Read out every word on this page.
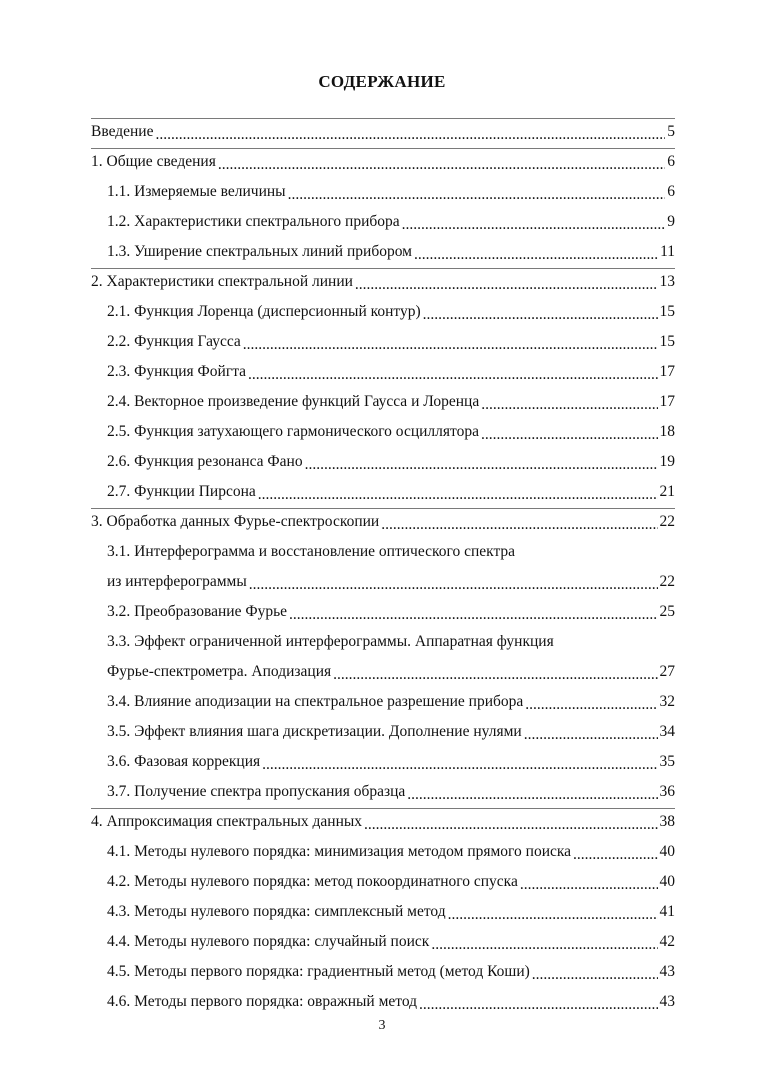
СОДЕРЖАНИЕ
Введение .....	5
1. Общие сведения .....	6
1.1. Измеряемые величины .....	6
1.2. Характеристики спектрального прибора .....	9
1.3. Уширение спектральных линий прибором .....	11
2. Характеристики спектральной линии .....	13
2.1. Функция Лоренца (дисперсионный контур) .....	15
2.2. Функция Гаусса .....	15
2.3. Функция Фойгта .....	17
2.4. Векторное произведение функций Гаусса и Лоренца .....	17
2.5. Функция затухающего гармонического осциллятора .....	18
2.6. Функция резонанса Фано .....	19
2.7. Функции Пирсона .....	21
3. Обработка данных Фурье-спектроскопии .....	22
3.1. Интерферограмма и восстановление оптического спектра
из интерферограммы .....	22
3.2. Преобразование Фурье .....	25
3.3. Эффект ограниченной интерферограммы. Аппаратная функция
Фурье-спектрометра. Аподизация .....	27
3.4. Влияние аподизации на спектральное разрешение прибора .....	32
3.5. Эффект влияния шага дискретизации. Дополнение нулями .....	34
3.6. Фазовая коррекция .....	35
3.7. Получение спектра пропускания образца .....	36
4. Аппроксимация спектральных данных .....	38
4.1. Методы нулевого порядка: минимизация методом прямого поиска .....	40
4.2. Методы нулевого порядка: метод покоординатного спуска .....	40
4.3. Методы нулевого порядка: симплексный метод .....	41
4.4. Методы нулевого порядка: случайный поиск .....	42
4.5. Методы первого порядка: градиентный метод (метод Коши) .....	43
4.6. Методы первого порядка: овражный метод .....	43
3
